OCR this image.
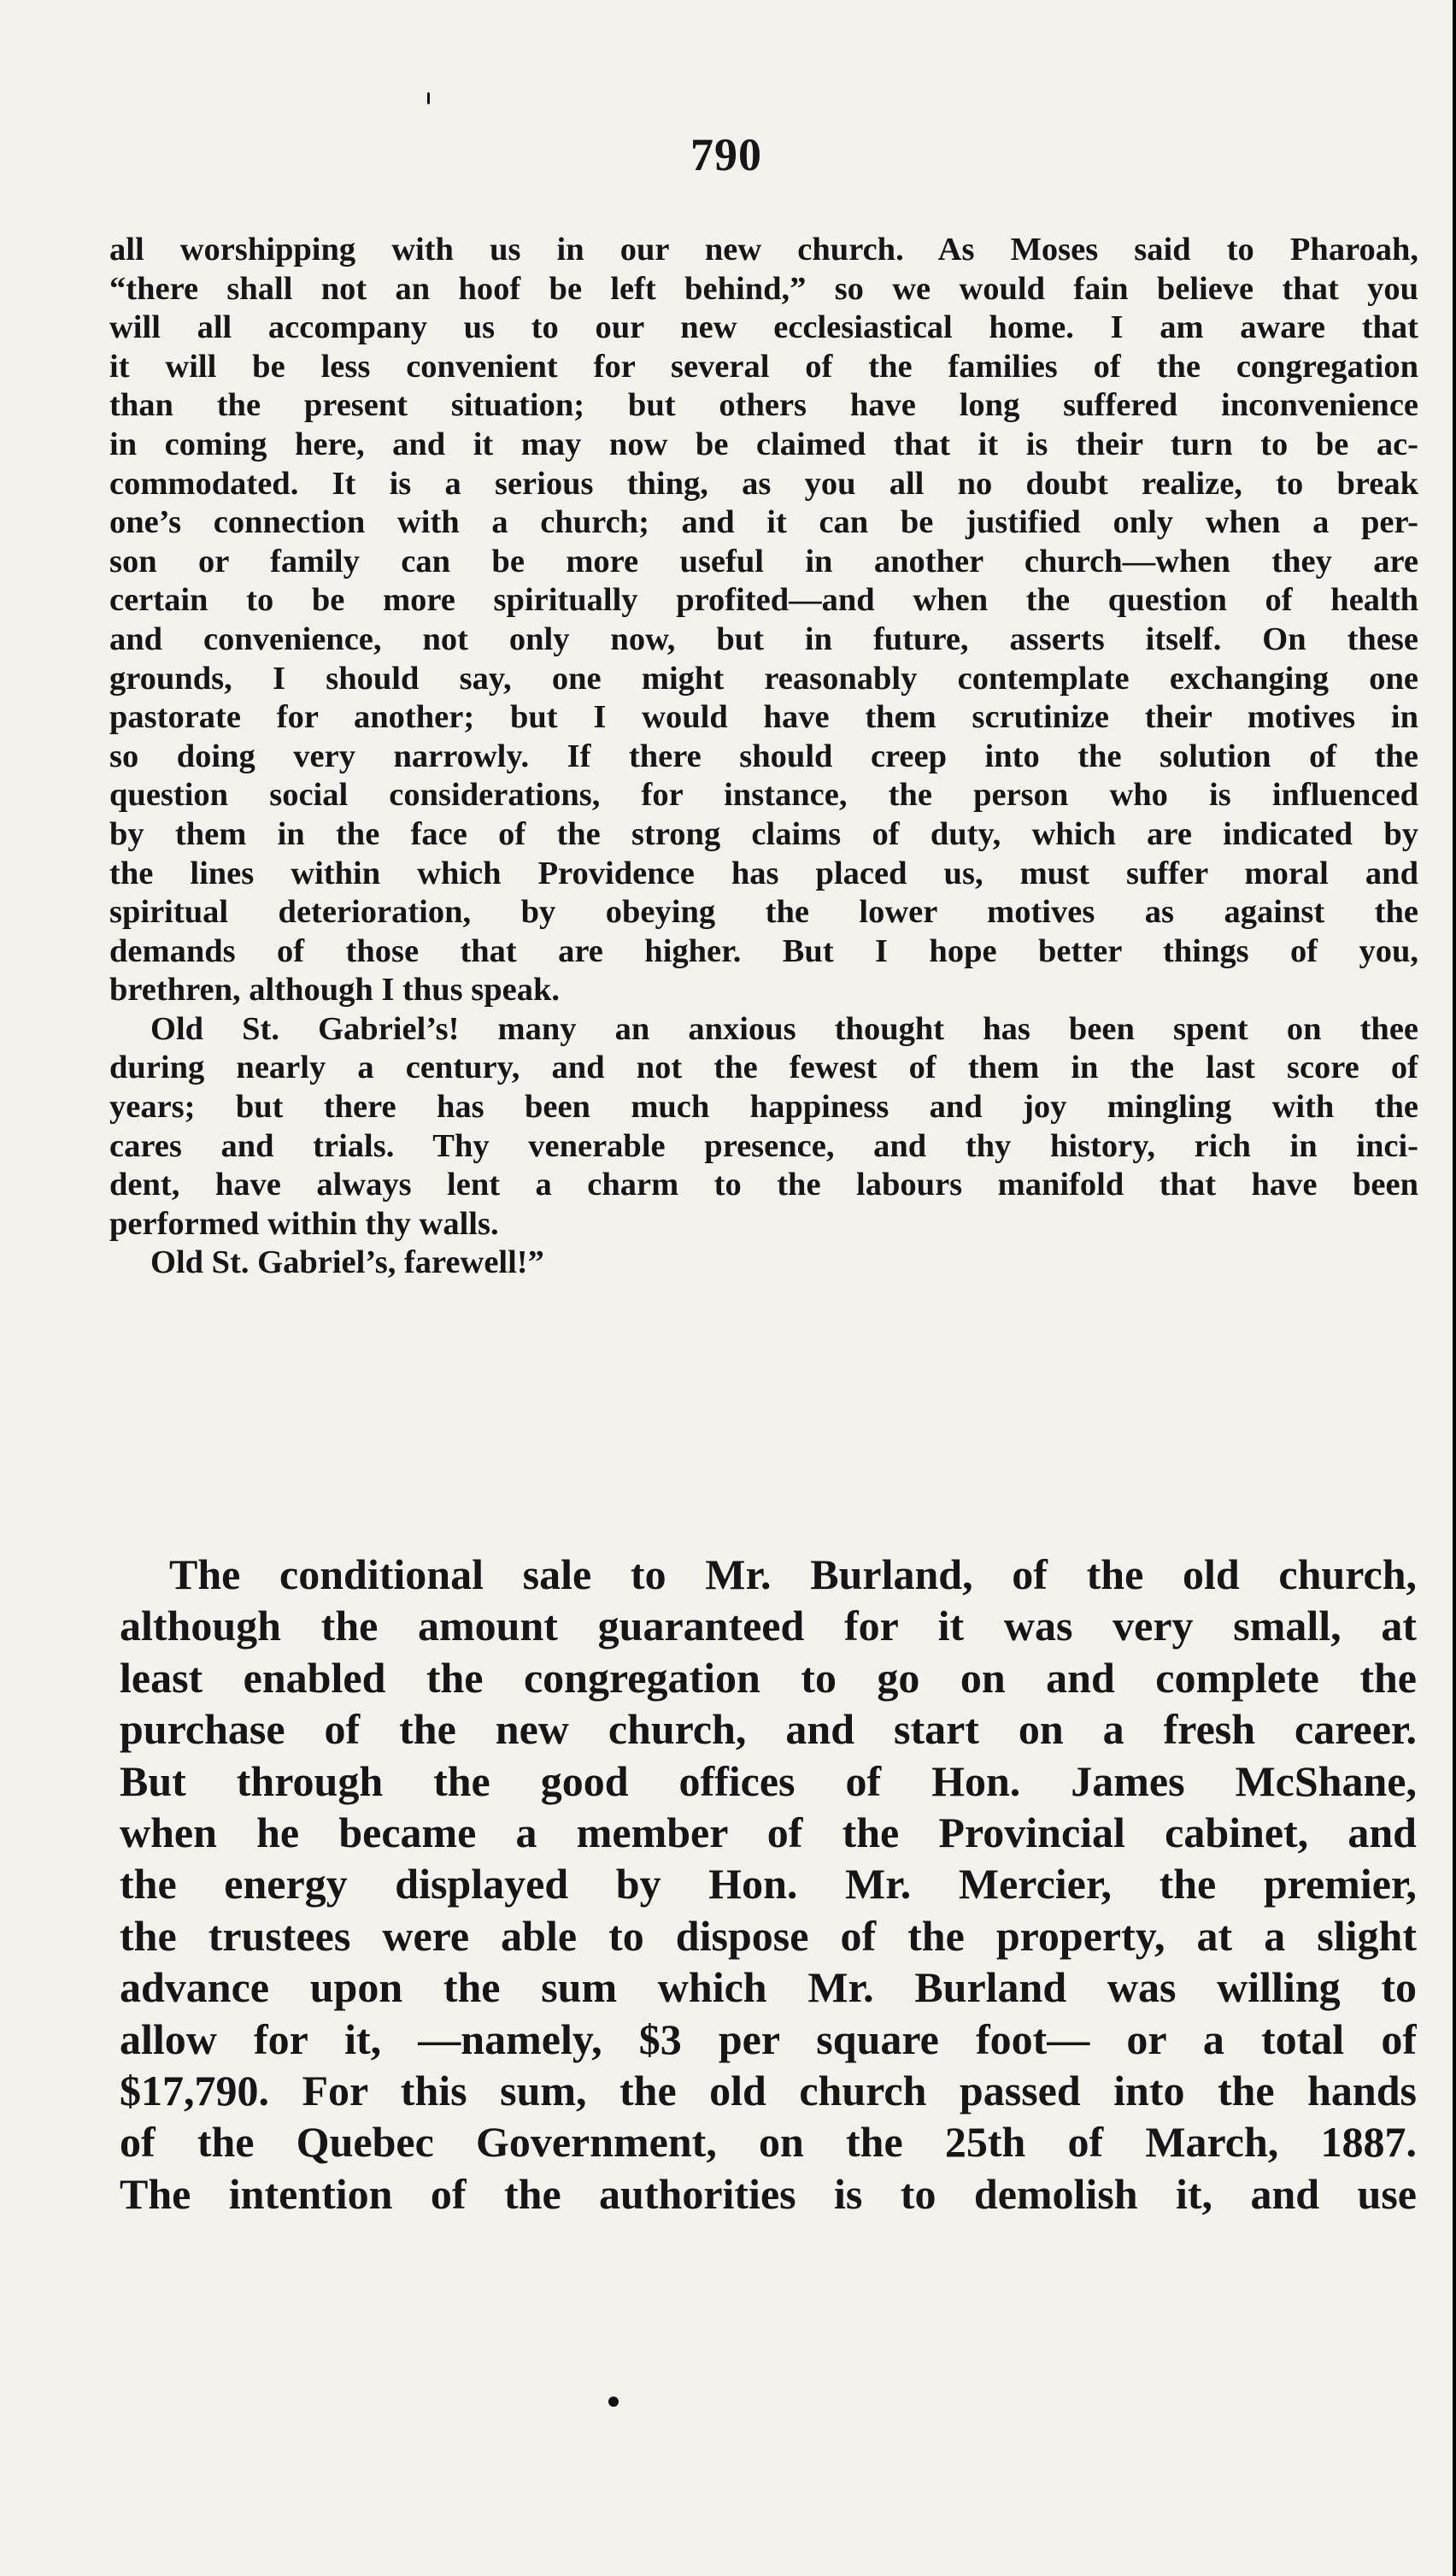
790
all worshipping with us in our new church. As Moses said to Pharoah,
“there shall not an hoof be left behind,” so we would fain believe that you
will all accompany us to our new ecclesiastical home. I am aware that
it will be less convenient for several of the families of the congregation
than the present situation; but others have long suffered inconvenience
in coming here, and it may now be claimed that it is their turn to be ac-
commodated. It is a serious thing, as you all no doubt realize, to break
one’s connection with a church; and it can be justified only when a per-
son or family can be more useful in another church—when they are
certain to be more spiritually profited—and when the question of health
and convenience, not only now, but in future, asserts itself. On these
grounds, I should say, one might reasonably contemplate exchanging one
pastorate for another; but I would have them scrutinize their motives in
so doing very narrowly. If there should creep into the solution of the
question social considerations, for instance, the person who is influenced
by them in the face of the strong claims of duty, which are indicated by
the lines within which Providence has placed us, must suffer moral and
spiritual deterioration, by obeying the lower motives as against the
demands of those that are higher. But I hope better things of you,
brethren, although I thus speak.
Old St. Gabriel’s! many an anxious thought has been spent on thee
during nearly a century, and not the fewest of them in the last score of
years; but there has been much happiness and joy mingling with the
cares and trials. Thy venerable presence, and thy history, rich in inci-
dent, have always lent a charm to the labours manifold that have been
performed within thy walls.
Old St. Gabriel’s, farewell!”
The conditional sale to Mr. Burland, of the old church,
although the amount guaranteed for it was very small, at
least enabled the congregation to go on and complete the
purchase of the new church, and start on a fresh career.
But through the good offices of Hon. James McShane,
when he became a member of the Provincial cabinet, and
the energy displayed by Hon. Mr. Mercier, the premier,
the trustees were able to dispose of the property, at a slight
advance upon the sum which Mr. Burland was willing to
allow for it, —namely, $3 per square foot— or a total of
$17,790. For this sum, the old church passed into the hands
of the Quebec Government, on the 25th of March, 1887.
The intention of the authorities is to demolish it, and use
